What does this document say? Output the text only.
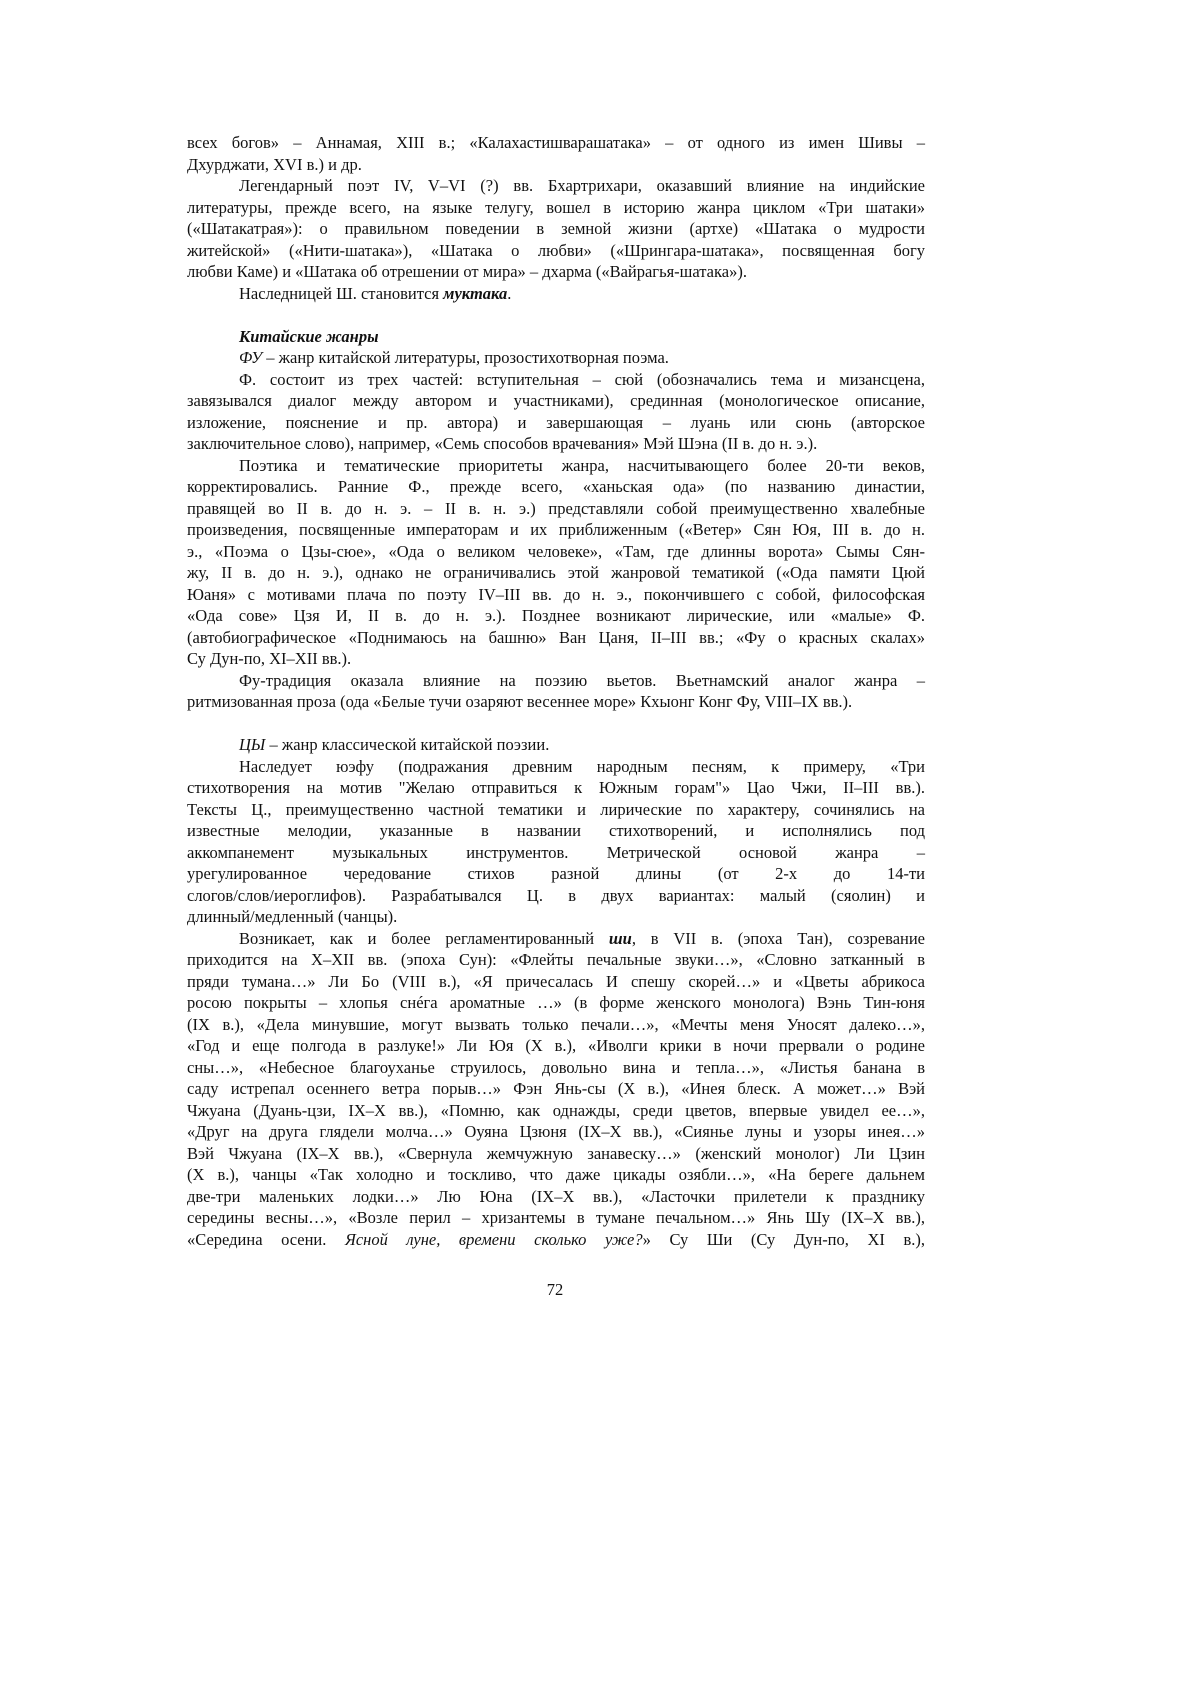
всех богов» – Аннамая, XIII в.; «Калахастишварашатака» – от одного из имен Шивы –
Дхурджати, XVI в.) и др.
Легендарный поэт IV, V–VI (?) вв. Бхартрихари, оказавший влияние на индийские
литературы, прежде всего, на языке телугу, вошел в историю жанра циклом «Три шатаки»
(«Шатакатрая»): о правильном поведении в земной жизни (артхе) «Шатака о мудрости
житейской» («Нити-шатака»), «Шатака о любви» («Шрингара-шатака», посвященная богу
любви Каме) и «Шатака об отрешении от мира» – дхарма («Вайрагья-шатака»).
Наследницей Ш. становится муктака.
Китайские жанры
ФУ – жанр китайской литературы, прозостихотворная поэма.
Ф. состоит из трех частей: вступительная – сюй (обозначались тема и мизансцена,
завязывался диалог между автором и участниками), срединная (монологическое описание,
изложение, пояснение и пр. автора) и завершающая – луань или сюнь (авторское
заключительное слово), например, «Семь способов врачевания» Мэй Шэна (II в. до н. э.).
Поэтика и тематические приоритеты жанра, насчитывающего более 20-ти веков,
корректировались. Ранние Ф., прежде всего, «ханьская ода» (по названию династии,
правящей во II в. до н. э. – II в. н. э.) представляли собой преимущественно хвалебные
произведения, посвященные императорам и их приближенным («Ветер» Сян Юя, III в. до н.
э., «Поэма о Цзы-сюе», «Ода о великом человеке», «Там, где длинны ворота» Сымы Сян-
жу, II в. до н. э.), однако не ограничивались этой жанровой тематикой («Ода памяти Цюй
Юаня» с мотивами плача по поэту IV–III вв. до н. э., покончившего с собой, философская
«Ода сове» Цзя И, II в. до н. э.). Позднее возникают лирические, или «малые» Ф.
(автобиографическое «Поднимаюсь на башню» Ван Цаня, II–III вв.; «Фу о красных скалах»
Су Дун-по, XI–XII вв.).
Фу-традиция оказала влияние на поэзию вьетов. Вьетнамский аналог жанра –
ритмизованная проза (ода «Белые тучи озаряют весеннее море» Кхыонг Конг Фу, VIII–IX вв.).
ЦЫ – жанр классической китайской поэзии.
Наследует юэфу (подражания древним народным песням, к примеру, «Три
стихотворения на мотив "Желаю отправиться к Южным горам"» Цао Чжи, II–III вв.).
Тексты Ц., преимущественно частной тематики и лирические по характеру, сочинялись на
известные мелодии, указанные в названии стихотворений, и исполнялись под
аккомпанемент музыкальных инструментов. Метрической основой жанра –
урегулированное чередование стихов разной длины (от 2-х до 14-ти
слогов/слов/иероглифов). Разрабатывался Ц. в двух вариантах: малый (сяолин) и
длинный/медленный (чанцы).
Возникает, как и более регламентированный ши, в VII в. (эпоха Тан), созревание
приходится на X–XII вв. (эпоха Сун): «Флейты печальные звуки…», «Словно затканный в
пряди тумана…» Ли Бо (VIII в.), «Я причесалась И спешу скорей…» и «Цветы абрикоса
росою покрыты – хлопья снéга ароматные …» (в форме женского монолога) Вэнь Тин-юня
(IX в.), «Дела минувшие, могут вызвать только печали…», «Мечты меня Уносят далеко…»,
«Год и еще полгода в разлуке!» Ли Юя (X в.), «Иволги крики в ночи прервали о родине
сны…», «Небесное благоуханье струилось, довольно вина и тепла…», «Листья банана в
саду истрепал осеннего ветра порыв…» Фэн Янь-сы (X в.), «Инея блеск. А может…» Вэй
Чжуана (Дуань-цзи, IX–X вв.), «Помню, как однажды, среди цветов, впервые увидел ее…»,
«Друг на друга глядели молча…» Оуяна Цзюня (IX–X вв.), «Сиянье луны и узоры инея…»
Вэй Чжуана (IX–X вв.), «Свернула жемчужную занавеску…» (женский монолог) Ли Цзин
(X в.), чанцы «Так холодно и тоскливо, что даже цикады озябли…», «На береге дальнем
две-три маленьких лодки…» Лю Юна (IX–X вв.), «Ласточки прилетели к празднику
середины весны…», «Возле перил – хризантемы в тумане печальном…» Янь Шу (IX–X вв.),
«Середина осени. Ясной луне, времени сколько уже?» Су Ши (Су Дун-по, XI в.),
72
